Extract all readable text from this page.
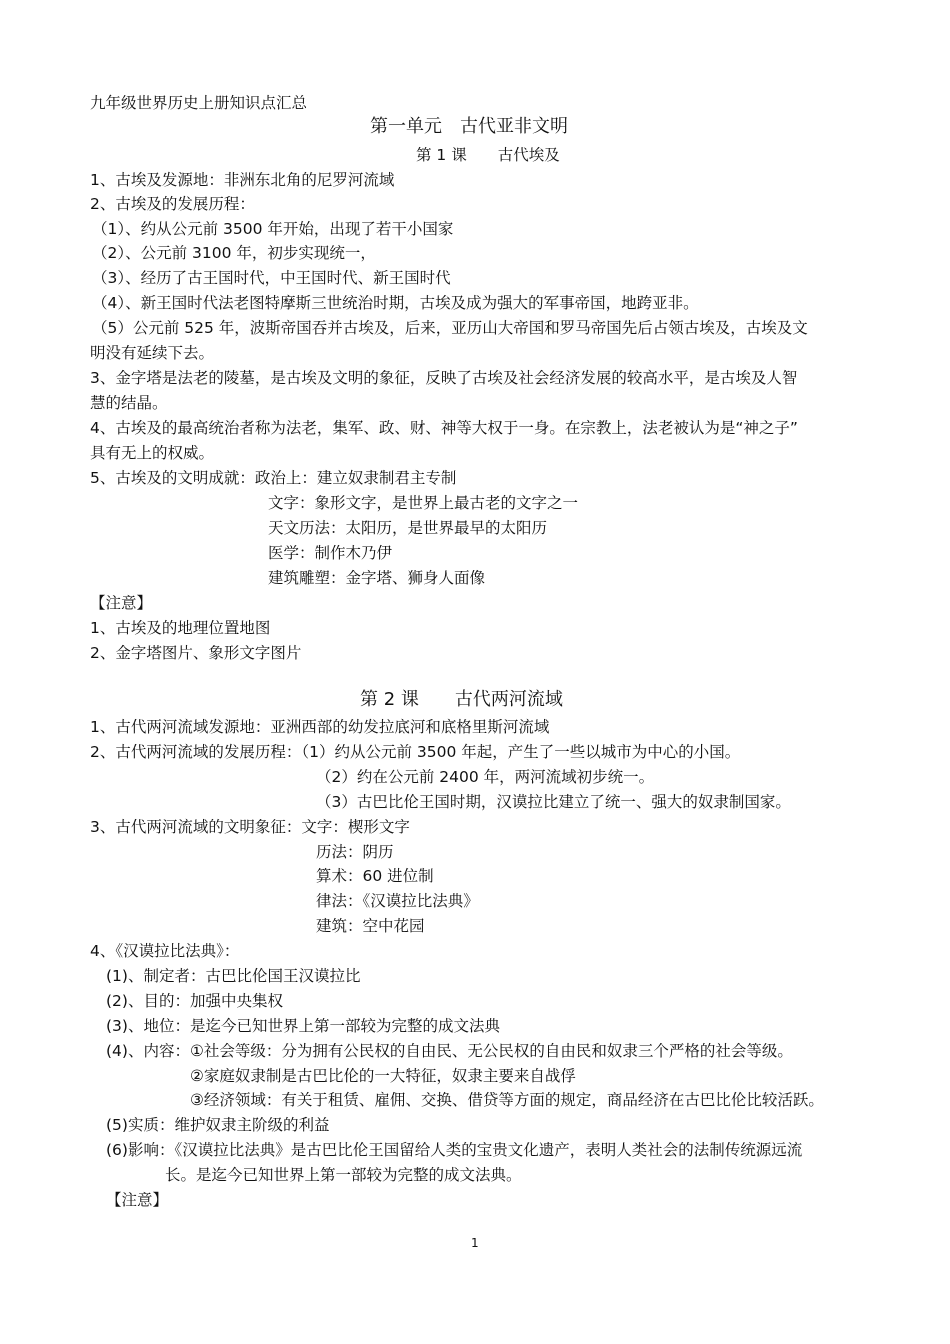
九年级世界历史上册知识点汇总

第一单元　古代亚非文明

第 1 课　　古代埃及

1、古埃及发源地：非洲东北角的尼罗河流域

2、古埃及的发展历程：

（1）、约从公元前 3500 年开始，出现了若干小国家

（2）、公元前 3100 年，初步实现统一，

（3）、经历了古王国时代，中王国时代、新王国时代

（4）、新王国时代法老图特摩斯三世统治时期，古埃及成为强大的军事帝国，地跨亚非。

（5）公元前 525 年，波斯帝国吞并古埃及，后来，亚历山大帝国和罗马帝国先后占领古埃及，古埃及文

明没有延续下去。

3、金字塔是法老的陵墓，是古埃及文明的象征，反映了古埃及社会经济发展的较高水平，是古埃及人智

慧的结晶。

4、古埃及的最高统治者称为法老，集军、政、财、神等大权于一身。在宗教上，法老被认为是“神之子”

具有无上的权威。

5、古埃及的文明成就：政治上：建立奴隶制君主专制

文字：象形文字，是世界上最古老的文字之一

天文历法：太阳历，是世界最早的太阳历

医学：制作木乃伊

建筑雕塑：金字塔、狮身人面像

【注意】

1、古埃及的地理位置地图

2、金字塔图片、象形文字图片

第 2 课　　古代两河流域

1、古代两河流域发源地：亚洲西部的幼发拉底河和底格里斯河流域

2、古代两河流域的发展历程：（1）约从公元前 3500 年起，产生了一些以城市为中心的小国。

（2）约在公元前 2400 年，两河流域初步统一。

（3）古巴比伦王国时期，汉谟拉比建立了统一、强大的奴隶制国家。

3、古代两河流域的文明象征：文字：楔形文字

历法：阴历

算术：60 进位制

律法：《汉谟拉比法典》

建筑：空中花园

4、《汉谟拉比法典》：

(1)、制定者：古巴比伦国王汉谟拉比

(2)、目的：加强中央集权

(3)、地位：是迄今已知世界上第一部较为完整的成文法典

(4)、内容：①社会等级：分为拥有公民权的自由民、无公民权的自由民和奴隶三个严格的社会等级。

②家庭奴隶制是古巴比伦的一大特征，奴隶主要来自战俘

③经济领域：有关于租赁、雇佣、交换、借贷等方面的规定，商品经济在古巴比伦比较活跃。

(5)实质：维护奴隶主阶级的利益

(6)影响：《汉谟拉比法典》是古巴比伦王国留给人类的宝贵文化遗产，表明人类社会的法制传统源远流

长。是迄今已知世界上第一部较为完整的成文法典。

【注意】

1
